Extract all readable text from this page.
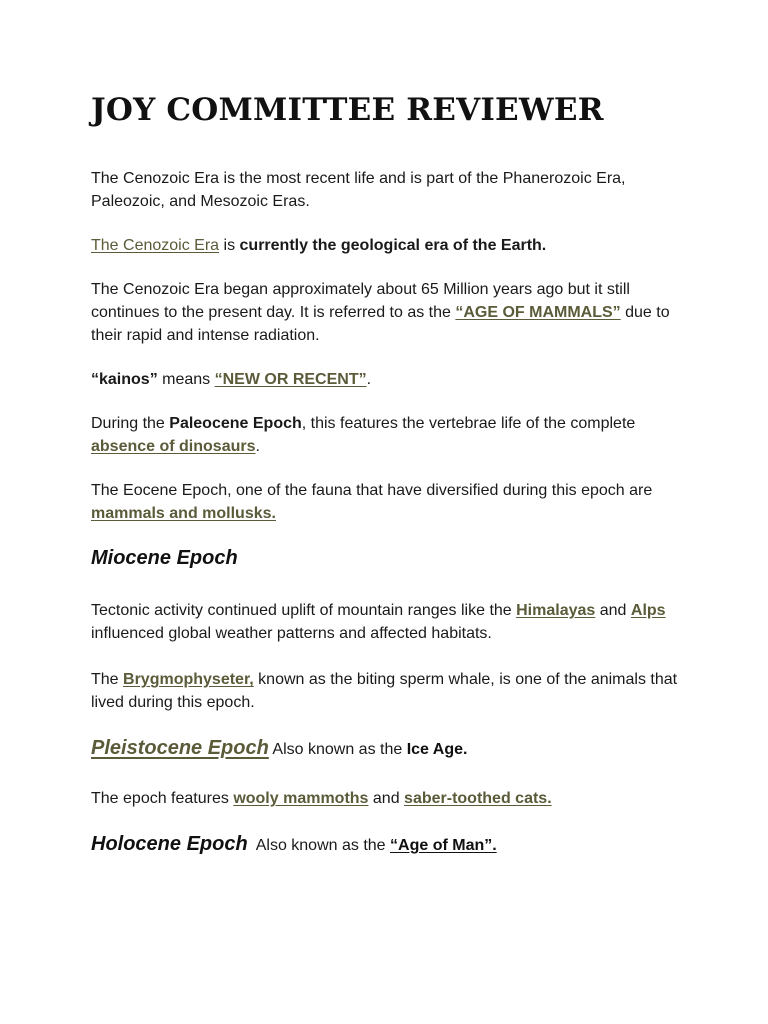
JOY COMMITTEE REVIEWER

The Cenozoic Era is the most recent life and is part of the Phanerozoic Era, Paleozoic, and Mesozoic Eras.

The Cenozoic Era is currently the geological era of the Earth.

The Cenozoic Era began approximately about 65 Million years ago but it still continues to the present day. It is referred to as the “AGE OF MAMMALS” due to their rapid and intense radiation.

“kainos” means “NEW OR RECENT”.

During the Paleocene Epoch, this features the vertebrae life of the complete absence of dinosaurs.

The Eocene Epoch, one of the fauna that have diversified during this epoch are mammals and mollusks.

Miocene Epoch

Tectonic activity continued uplift of mountain ranges like the Himalayas and Alps influenced global weather patterns and affected habitats.

The Brygmophyseter, known as the biting sperm whale, is one of the animals that lived during this epoch.

Pleistocene Epoch Also known as the Ice Age.

The epoch features wooly mammoths and saber-toothed cats.

Holocene Epoch  Also known as the “Age of Man”.
